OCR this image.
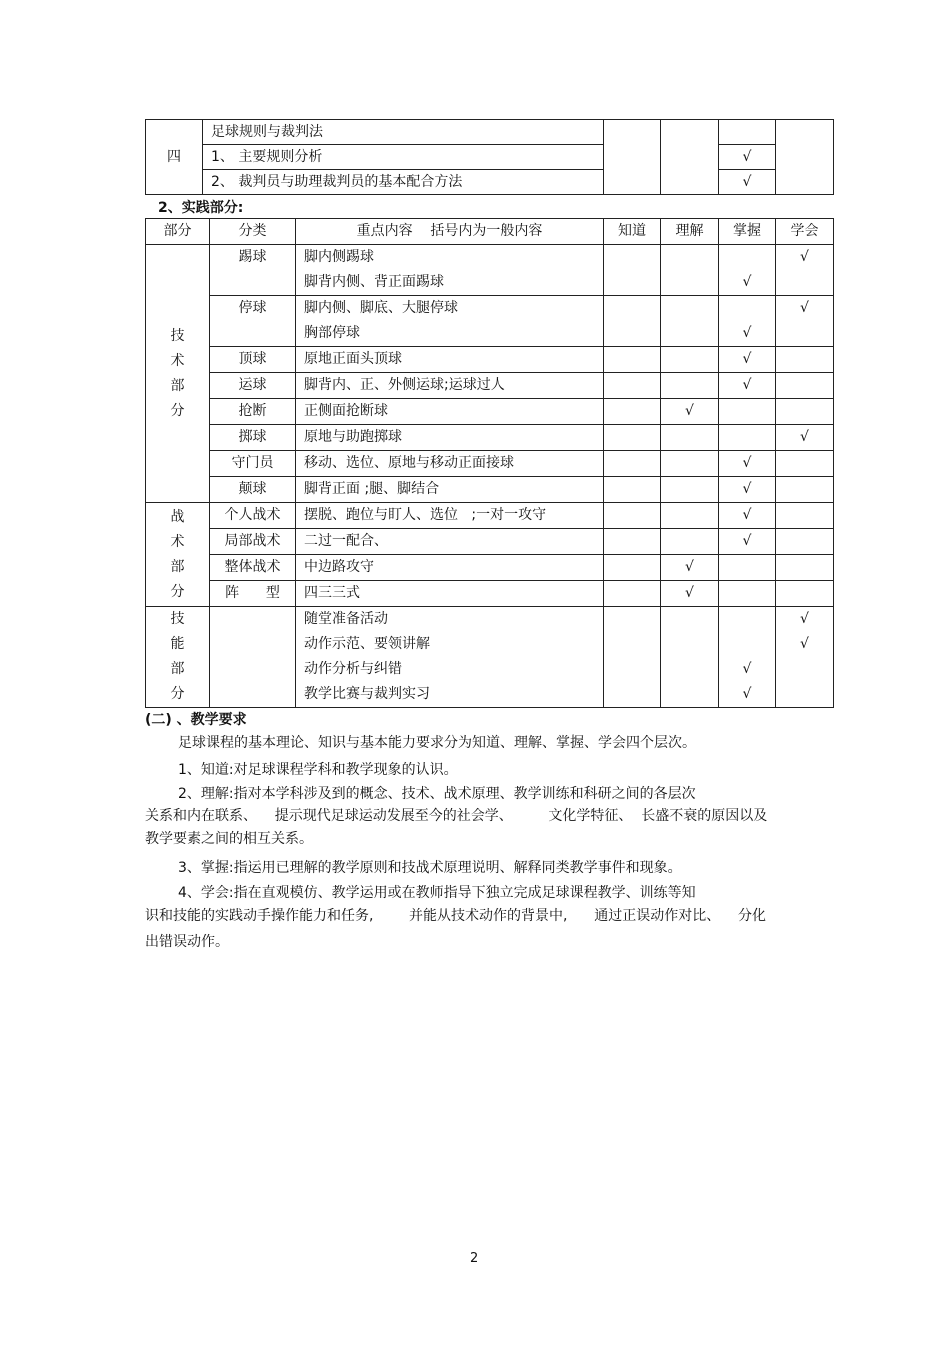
四	足球规则与裁判法				
	1、 主要规则分析			√	
	2、 裁判员与助理裁判员的基本配合方法			√	
2、实践部分:
部分	分类	重点内容    括号内为一般内容	知道	理解	掌握	学会

技
术
部
分	踢球	脚内侧踢球				√
		脚背内侧、背正面踢球			√	
	停球	脚内侧、脚底、大腿停球				√
		胸部停球			√	
	顶球	原地正面头顶球			√	
	运球	脚背内、正、外侧运球;运球过人			√	
	抢断	正侧面抢断球		√		
	掷球	原地与助跑掷球				√
	守门员	移动、选位、原地与移动正面接球			√	
	颠球	脚背正面 ;腿、脚结合			√	

战
术
部
分	个人战术	摆脱、跑位与盯人、选位   ;一对一攻守			√	
	局部战术	二过一配合、			√	
	整体战术	中边路攻守		√		
	阵      型	四三三式		√		

技
能
部
分		随堂准备活动				√
		动作示范、要领讲解				√
		动作分析与纠错			√	
		教学比赛与裁判实习			√	
(二) 、教学要求
足球课程的基本理论、知识与基本能力要求分为知道、理解、掌握、学会四个层次。
1、知道:对足球课程学科和教学现象的认识。
2、理解:指对本学科涉及到的概念、技术、战术原理、教学训练和科研之间的各层次
关系和内在联系、    提示现代足球运动发展至今的社会学、        文化学特征、  长盛不衰的原因以及
教学要素之间的相互关系。
3、掌握:指运用已理解的教学原则和技战术原理说明、解释同类教学事件和现象。
4、学会:指在直观模仿、教学运用或在教师指导下独立完成足球课程教学、训练等知
识和技能的实践动手操作能力和任务,        并能从技术动作的背景中,      通过正误动作对比、    分化
出错误动作。
2
